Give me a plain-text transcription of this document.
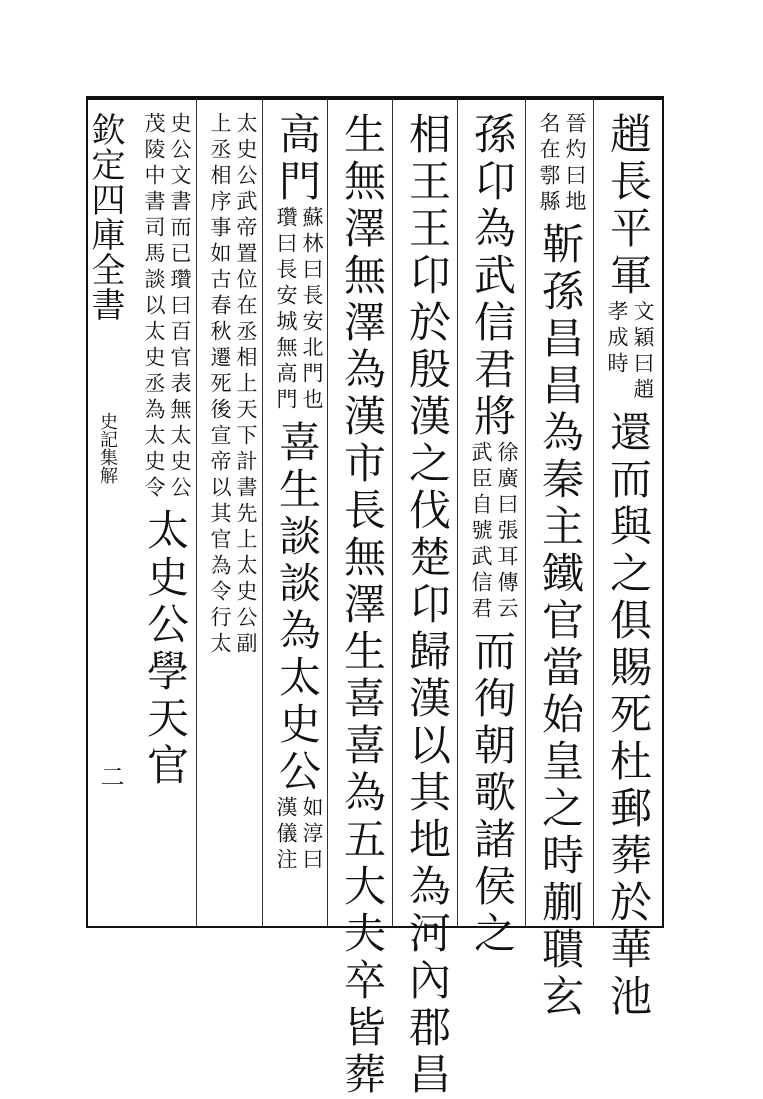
欽定四庫全書
史記集解
二
趙長平軍
文穎曰趙
孝成時
還而與之俱賜死杜郵葬於華池
晉灼曰地
名在鄠縣
靳孫昌昌為秦主鐵官當始皇之時蒯聵玄
孫卬為武信君將
徐廣曰張耳傳云
武臣自號武信君
而徇朝歌諸侯之
相王王卬於殷漢之伐楚卬歸漢以其地為河內郡昌
生無澤無澤為漢市長無澤生喜喜為五大夫卒皆葬
高門
蘇林曰長安北門也
瓚曰長安城無高門
喜生談談為太史公
如淳曰
漢儀注
太史公武帝置位在丞相上天下計書先上太史公副
上丞相序事如古春秋遷死後宣帝以其官為令行太
史公文書而已瓚曰百官表無太史公
茂陵中書司馬談以太史丞為太史令
太史公學天官
